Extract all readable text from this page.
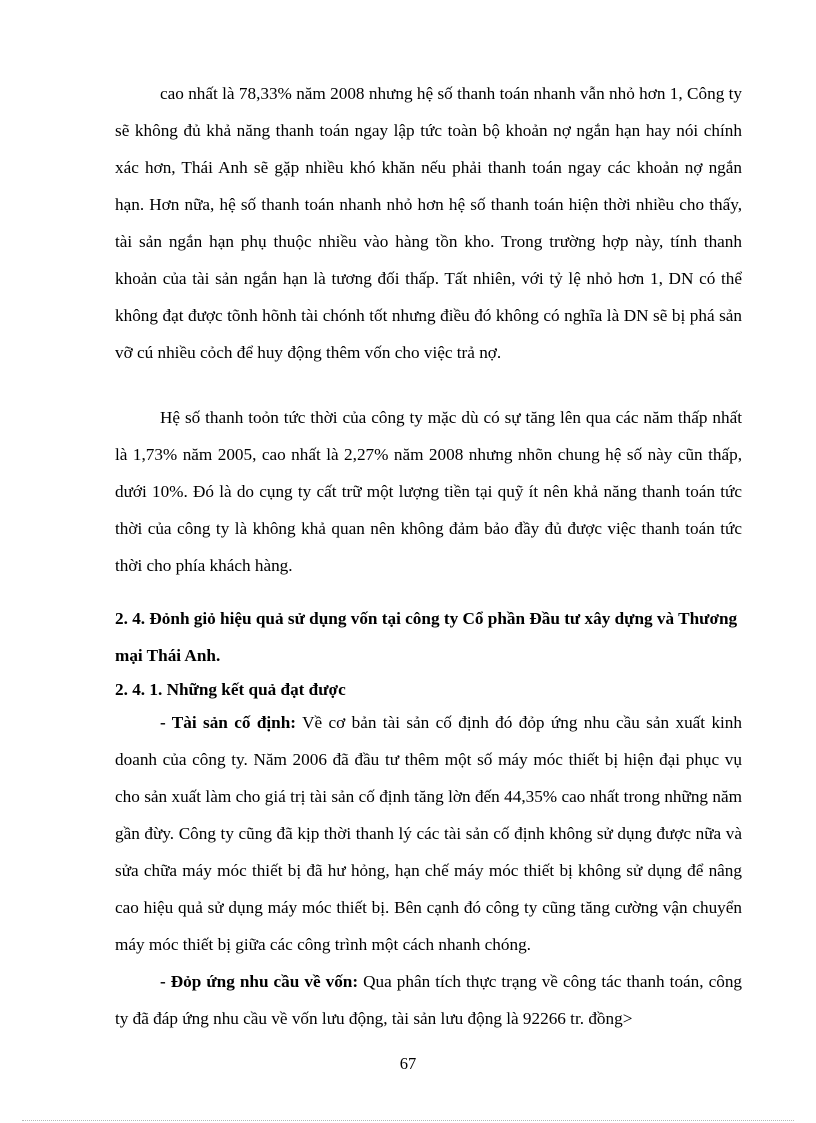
cao nhất là 78,33% năm 2008 nhưng hệ số thanh toán nhanh vẫn nhỏ hơn 1, Công ty sẽ không đủ khả năng thanh toán ngay lập tức toàn bộ khoản nợ ngắn hạn hay nói chính xác hơn, Thái Anh sẽ gặp nhiều khó khăn nếu phải thanh toán ngay các khoản nợ ngắn hạn. Hơn nữa, hệ số thanh toán nhanh nhỏ hơn hệ số thanh toán hiện thời nhiều cho thấy, tài sản ngắn hạn phụ thuộc nhiều vào hàng tồn kho. Trong trường hợp này, tính thanh khoản của tài sản ngắn hạn là tương đối thấp. Tất nhiên, với tỷ lệ nhỏ hơn 1, DN có thể không đạt được tõnh hõnh tài chónh tốt nhưng điều đó không có nghĩa là DN sẽ bị phá sản vỡ cú nhiều cỏch để huy động thêm vốn cho việc trả nợ.

Hệ số thanh toỏn tức thời của công ty mặc dù có sự tăng lên qua các năm thấp nhất là 1,73% năm 2005, cao nhất là 2,27% năm 2008 nhưng nhõn chung hệ số này cũn thấp, dưới 10%. Đó là do cụng ty cất trữ một lượng tiền tại quỹ ít nên khả năng thanh toán tức thời của công ty là không khả quan nên không đảm bảo đầy đủ được việc thanh toán tức thời cho phía khách hàng.

2. 4. Đỏnh giỏ hiệu quả sử dụng vốn tại công ty Cổ phần Đầu tư xây dựng và Thương mại Thái Anh.

2. 4. 1. Những kết quả đạt được

- Tài sản cố định: Về cơ bản tài sản cố định đó đỏp ứng nhu cầu sản xuất kinh doanh của công ty. Năm 2006 đã đầu tư thêm một số máy móc thiết bị hiện đại phục vụ cho sản xuất làm cho giá trị tài sản cố định tăng lờn đến 44,35% cao nhất trong những năm gần đừy. Công ty cũng đã kịp thời thanh lý các tài sản cố định không sử dụng được nữa và sửa chữa máy móc thiết bị đã hư hỏng, hạn chế máy móc thiết bị không sử dụng để nâng cao hiệu quả sử dụng máy móc thiết bị. Bên cạnh đó công ty cũng tăng cường vận chuyển máy móc thiết bị giữa các công trình một cách nhanh chóng.

- Đỏp ứng nhu cầu về vốn: Qua phân tích thực trạng về công tác thanh toán, công ty đã đáp ứng nhu cầu về vốn lưu động, tài sản lưu động là 92266 tr. đồng>

67
